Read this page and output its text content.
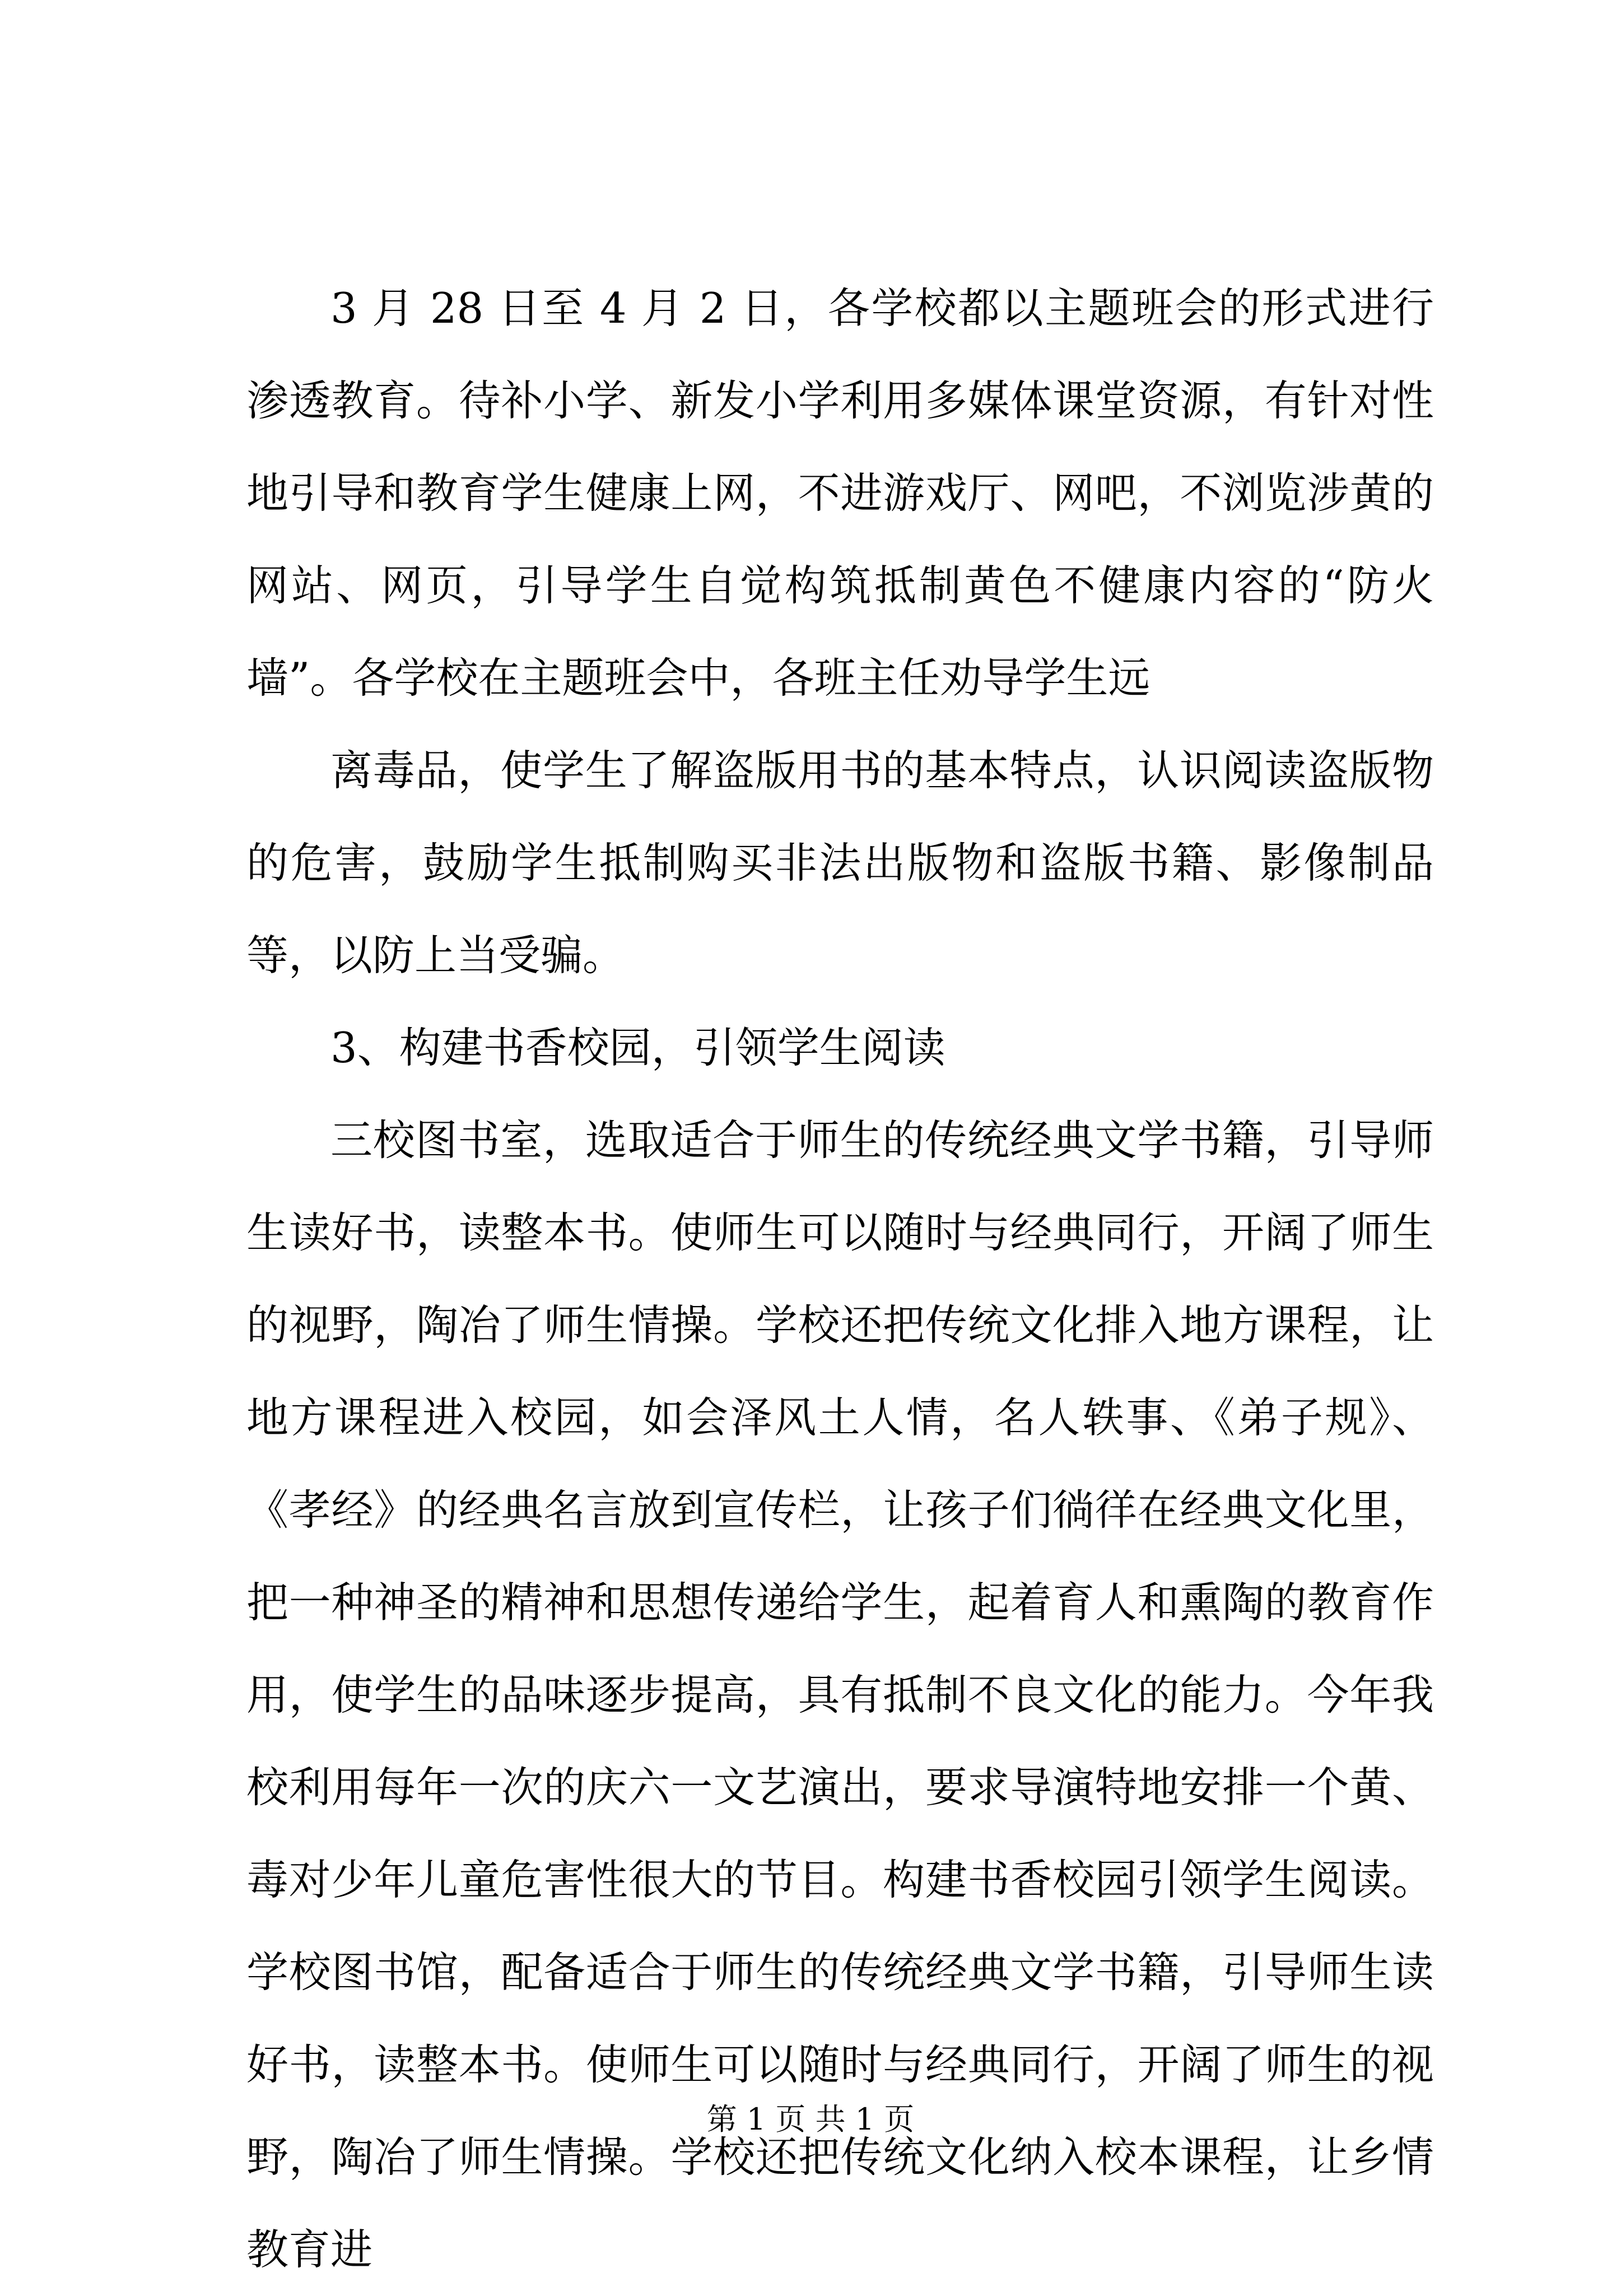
3 月 28 日至 4 月 2 日，各学校都以主题班会的形式进行渗透教育。待补小学、新发小学利用多媒体课堂资源，有针对性地引导和教育学生健康上网，不进游戏厅、网吧，不浏览涉黄的网站、网页，引导学生自觉构筑抵制黄色不健康内容的“防火墙”。各学校在主题班会中，各班主任劝导学生远

离毒品，使学生了解盗版用书的基本特点，认识阅读盗版物的危害，鼓励学生抵制购买非法出版物和盗版书籍、影像制品等，以防上当受骗。

3、构建书香校园，引领学生阅读

三校图书室，选取适合于师生的传统经典文学书籍，引导师生读好书，读整本书。使师生可以随时与经典同行，开阔了师生的视野，陶冶了师生情操。学校还把传统文化排入地方课程，让地方课程进入校园，如会泽风土人情，名人轶事、《弟子规》、《孝经》的经典名言放到宣传栏，让孩子们徜徉在经典文化里，把一种神圣的精神和思想传递给学生，起着育人和熏陶的教育作用，使学生的品味逐步提高，具有抵制不良文化的能力。今年我校利用每年一次的庆六一文艺演出，要求导演特地安排一个黄、毒对少年儿童危害性很大的节目。构建书香校园引领学生阅读。学校图书馆，配备适合于师生的传统经典文学书籍，引导师生读好书，读整本书。使师生可以随时与经典同行，开阔了师生的视野，陶冶了师生情操。学校还把传统文化纳入校本课程，让乡情教育进

第 1 页 共 1 页
